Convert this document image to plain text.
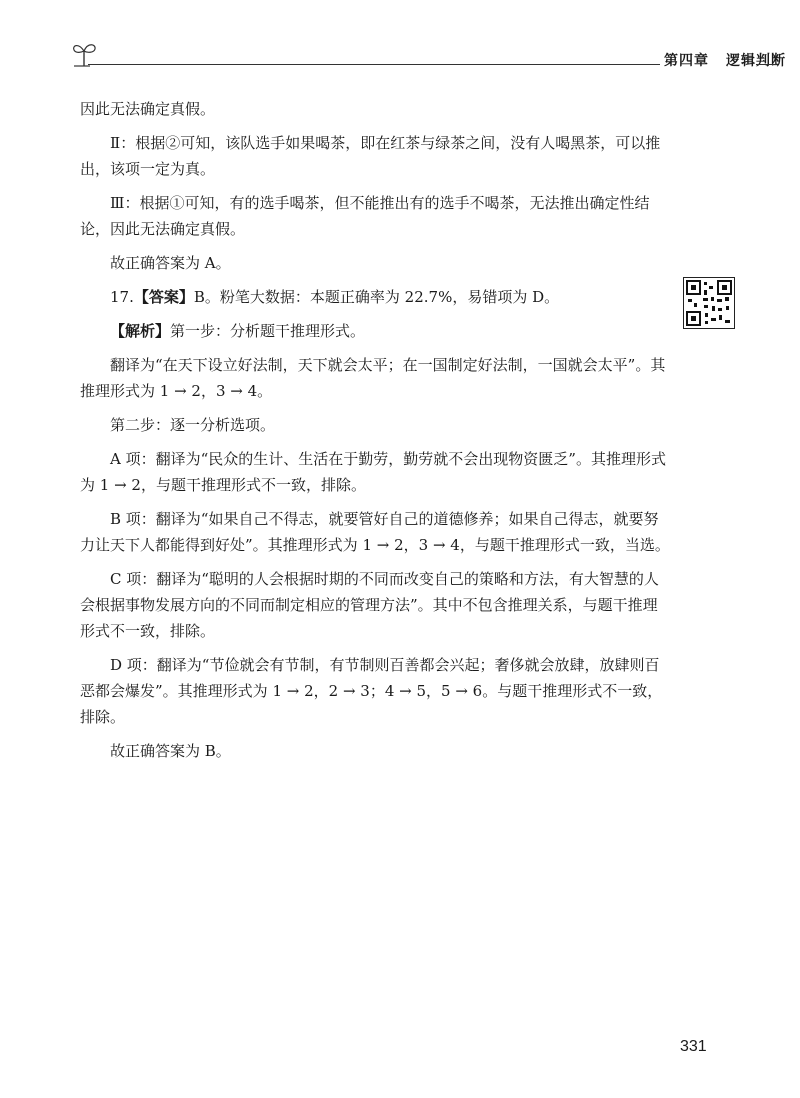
第四章 逻辑判断

因此无法确定真假。

Ⅱ：根据②可知，该队选手如果喝茶，即在红茶与绿茶之间，没有人喝黑茶，可以推出，该项一定为真。

Ⅲ：根据①可知，有的选手喝茶，但不能推出有的选手不喝茶，无法推出确定性结论，因此无法确定真假。

故正确答案为 A。

17.【答案】B。粉笔大数据：本题正确率为 22.7%，易错项为 D。

【解析】第一步：分析题干推理形式。

翻译为“在天下设立好法制，天下就会太平；在一国制定好法制，一国就会太平”。其推理形式为 1 → 2，3 → 4。

第二步：逐一分析选项。

A 项：翻译为“民众的生计、生活在于勤劳，勤劳就不会出现物资匮乏”。其推理形式为 1 → 2，与题干推理形式不一致，排除。

B 项：翻译为“如果自己不得志，就要管好自己的道德修养；如果自己得志，就要努力让天下人都能得到好处”。其推理形式为 1 → 2，3 → 4，与题干推理形式一致，当选。

C 项：翻译为“聪明的人会根据时期的不同而改变自己的策略和方法，有大智慧的人会根据事物发展方向的不同而制定相应的管理方法”。其中不包含推理关系，与题干推理形式不一致，排除。

D 项：翻译为“节俭就会有节制，有节制则百善都会兴起；奢侈就会放肆，放肆则百恶都会爆发”。其推理形式为 1 → 2，2 → 3；4 → 5，5 → 6。与题干推理形式不一致，排除。

故正确答案为 B。

331
